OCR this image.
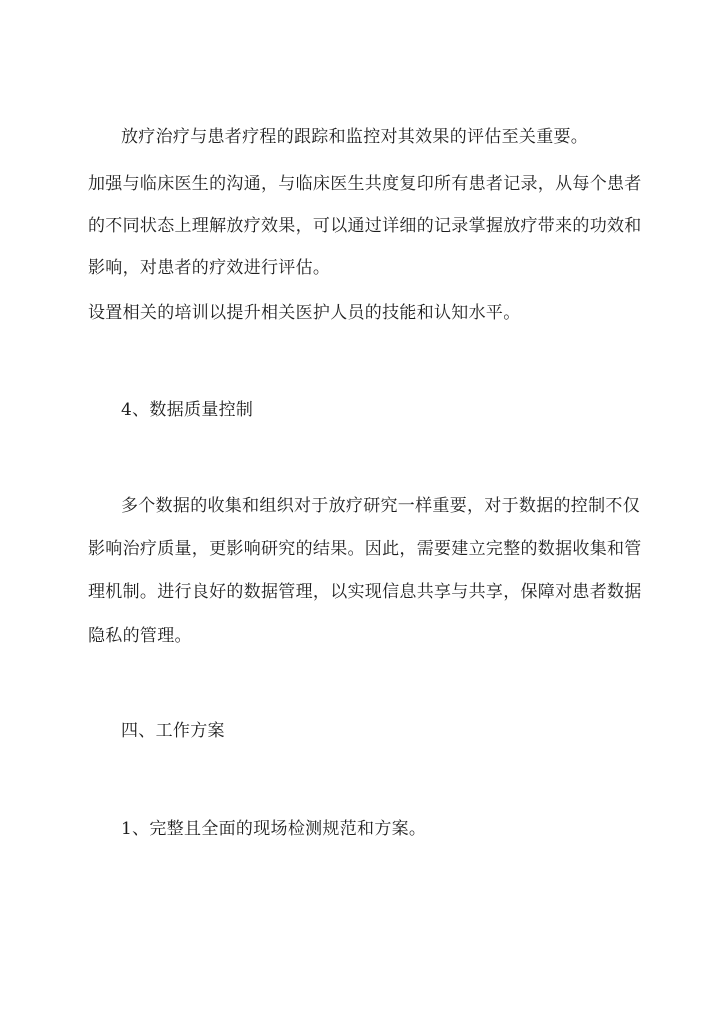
放疗治疗与患者疗程的跟踪和监控对其效果的评估至关重要。
加强与临床医生的沟通，与临床医生共度复印所有患者记录，从每个患者
的不同状态上理解放疗效果，可以通过详细的记录掌握放疗带来的功效和
影响，对患者的疗效进行评估。
设置相关的培训以提升相关医护人员的技能和认知水平。
4、数据质量控制
多个数据的收集和组织对于放疗研究一样重要，对于数据的控制不仅
影响治疗质量，更影响研究的结果。因此，需要建立完整的数据收集和管
理机制。进行良好的数据管理，以实现信息共享与共享，保障对患者数据
隐私的管理。
四、工作方案
1、完整且全面的现场检测规范和方案。
